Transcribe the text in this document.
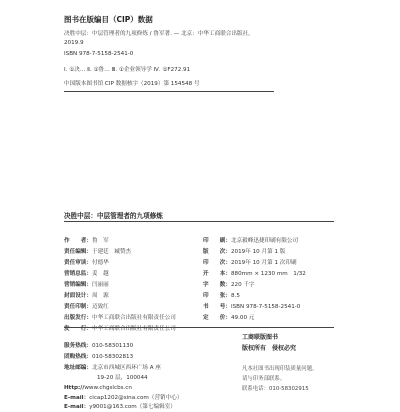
图书在版编目（CIP）数据
决胜中层：中层管理者的九项修炼 / 鲁军著. — 北京：中华工商联合出版社，
2019.9
ISBN 978-7-5158-2541-0
Ⅰ. ①决… Ⅱ. ①鲁… Ⅲ. ①企业领导学 Ⅳ. ①F272.91
中国版本图书馆 CIP 数据核字（2019）第 154548 号
决胜中层：中层管理者的九项修炼
作　　者：鲁　军
责任编辑：于建廷　臧赞杰
责任审读：付德华
营销总监：姜　越
营销编辑：闫丽丽
封面设计：周　源
责任印制：迈致红
出版发行：中华工商联合出版社有限责任公司
发　　行：中华工商联合出版社有限责任公司
印　　刷：北京毅峰迅捷印刷有限公司
版　　次：2019年 10 月第 1 版
印　　次：2019年 10 月第 1 次印刷
开　　本：880mm × 1230 mm　1/32
字　　数：220 千字
印　　张：8.5
书　　号：ISBN 978-7-5158-2541-0
定　　价：49.00 元
服务热线：010-58301130
团购热线：010-58302813
地址邮编：北京市西城区西环广场 A 座
19-20 层，100044
Http://www.chgslcbs.cn
E-mail：cicap1202@sina.com（营销中心）
E-mail：y9001@163.com（第七编辑室）
工商联版图书
版权所有　侵权必究
凡本社图书出现印装质量问题，
请与印务部联系。
联系电话：010-58302915
